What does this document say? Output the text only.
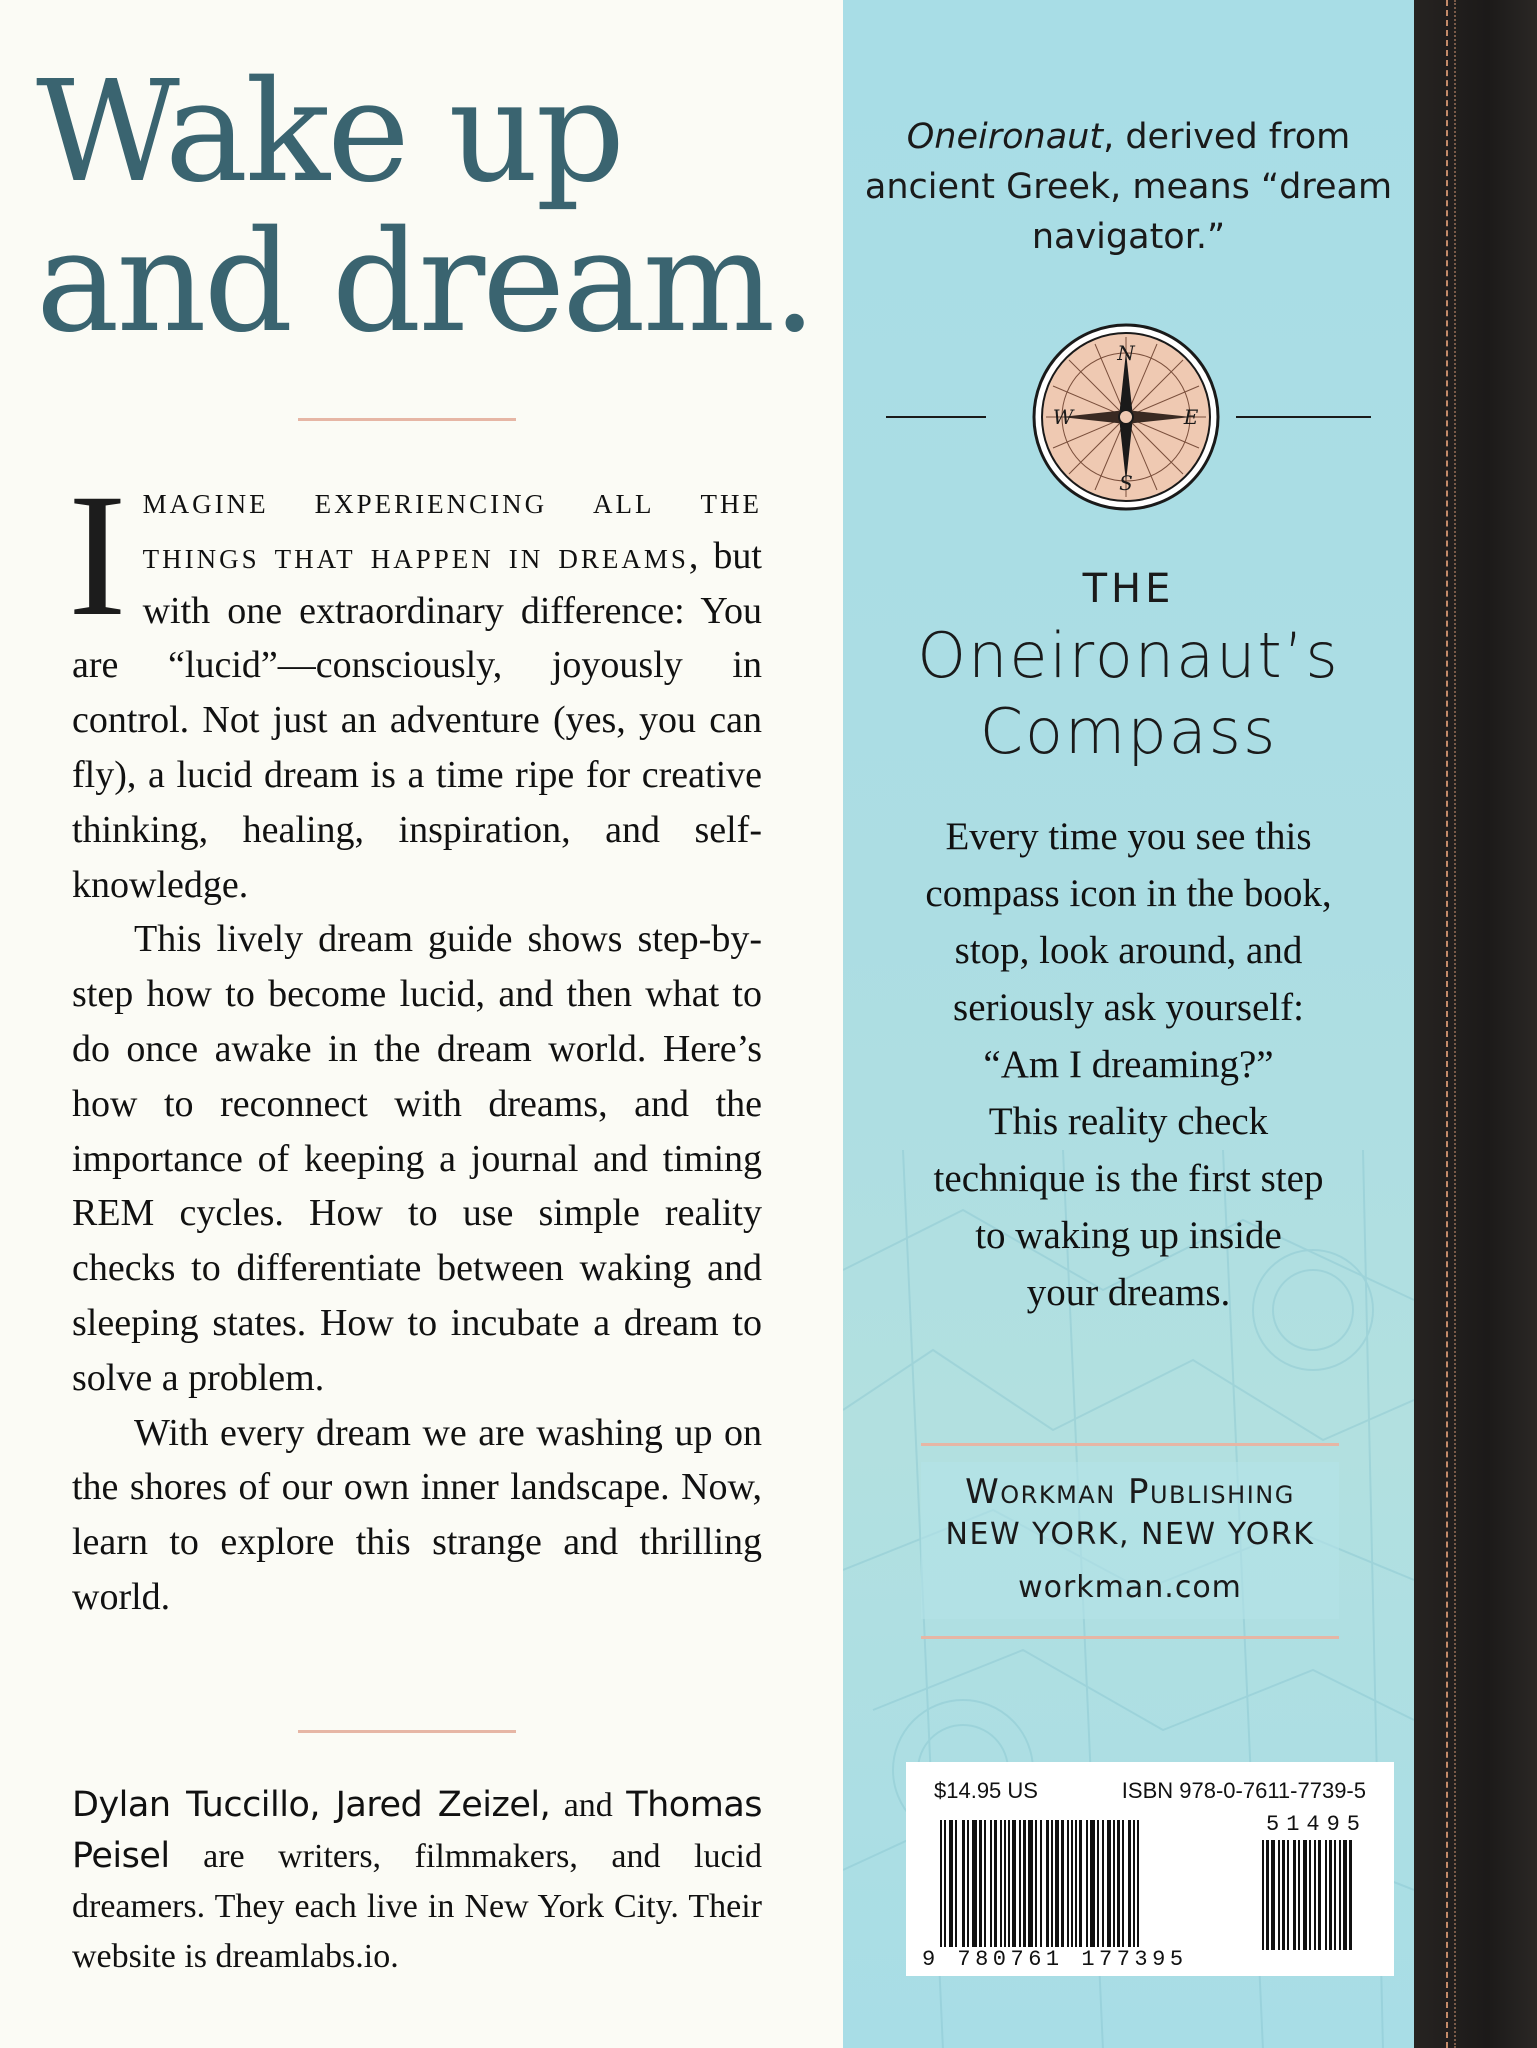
Wake up
and dream.

Imagine experiencing all the things that happen in dreams, but with one extraordinary difference: You are “lucid”—consciously, joyously in control. Not just an adventure (yes, you can fly), a lucid dream is a time ripe for creative thinking, healing, inspiration, and self-knowledge.

This lively dream guide shows step-by-step how to become lucid, and then what to do once awake in the dream world. Here’s how to reconnect with dreams, and the importance of keeping a journal and timing REM cycles. How to use simple reality checks to differentiate between waking and sleeping states. How to incubate a dream to solve a problem.

With every dream we are washing up on the shores of our own inner landscape. Now, learn to explore this strange and thrilling world.

Dylan Tuccillo, Jared Zeizel, and Thomas Peisel are writers, filmmakers, and lucid dreamers. They each live in New York City. Their website is dreamlabs.io.
Oneironaut, derived from ancient Greek, means “dream navigator.”
N
S
W	E
THE
Oneironaut’s
Compass
Every time you see this
compass icon in the book,
stop, look around, and
seriously ask yourself:
“Am I dreaming?”
This reality check
technique is the first step
to waking up inside
your dreams.
Workman Publishing
NEW YORK, NEW YORK
workman.com
$14.95 US	ISBN 978-0-7611-7739-5
51495
9 780761 177395
